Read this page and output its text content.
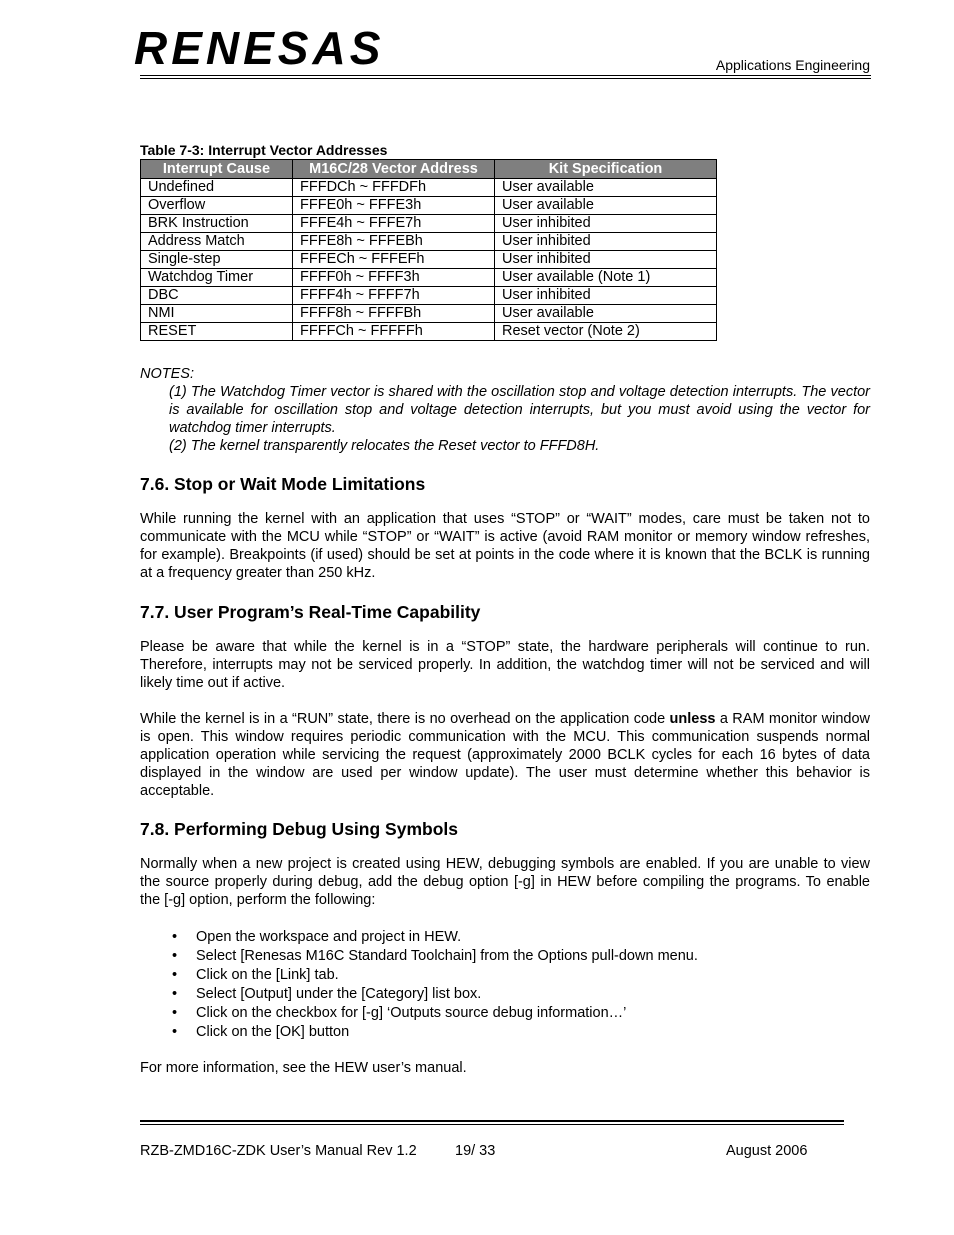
RENESAS	Applications Engineering
Table 7-3: Interrupt Vector Addresses
Interrupt Cause	M16C/28 Vector Address	Kit Specification
Undefined	FFFDCh ~ FFFDFh	User available
Overflow	FFFE0h ~ FFFE3h	User available
BRK Instruction	FFFE4h ~ FFFE7h	User inhibited
Address Match	FFFE8h ~ FFFEBh	User inhibited
Single-step	FFFECh ~ FFFEFh	User inhibited
Watchdog Timer	FFFF0h ~ FFFF3h	User available (Note 1)
DBC	FFFF4h ~ FFFF7h	User inhibited
NMI	FFFF8h ~ FFFFBh	User available
RESET	FFFFCh ~ FFFFFh	Reset vector (Note 2)
NOTES:
(1) The Watchdog Timer vector is shared with the oscillation stop and voltage detection interrupts. The vector is available for oscillation stop and voltage detection interrupts, but you must avoid using the vector for watchdog timer interrupts.
(2) The kernel transparently relocates the Reset vector to FFFD8H.
7.6. Stop or Wait Mode Limitations

While running the kernel with an application that uses “STOP” or “WAIT” modes, care must be taken not to communicate with the MCU while “STOP” or “WAIT” is active (avoid RAM monitor or memory window refreshes, for example). Breakpoints (if used) should be set at points in the code where it is known that the BCLK is running at a frequency greater than 250 kHz.

7.7. User Program’s Real-Time Capability

Please be aware that while the kernel is in a “STOP” state, the hardware peripherals will continue to run. Therefore, interrupts may not be serviced properly. In addition, the watchdog timer will not be serviced and will likely time out if active.

While the kernel is in a “RUN” state, there is no overhead on the application code unless a RAM monitor window is open. This window requires periodic communication with the MCU. This communication suspends normal application operation while servicing the request (approximately 2000 BCLK cycles for each 16 bytes of data displayed in the window are used per window update). The user must determine whether this behavior is acceptable.

7.8. Performing Debug Using Symbols

Normally when a new project is created using HEW, debugging symbols are enabled. If you are unable to view the source properly during debug, add the debug option [-g] in HEW before compiling the programs. To enable the [-g] option, perform the following:

• Open the workspace and project in HEW.
• Select [Renesas M16C Standard Toolchain] from the Options pull-down menu.
• Click on the [Link] tab.
• Select [Output] under the [Category] list box.
• Click on the checkbox for [-g] ‘Outputs source debug information…’
• Click on the [OK] button

For more information, see the HEW user’s manual.

RZB-ZMD16C-ZDK User’s Manual Rev 1.2	19/ 33	August 2006
